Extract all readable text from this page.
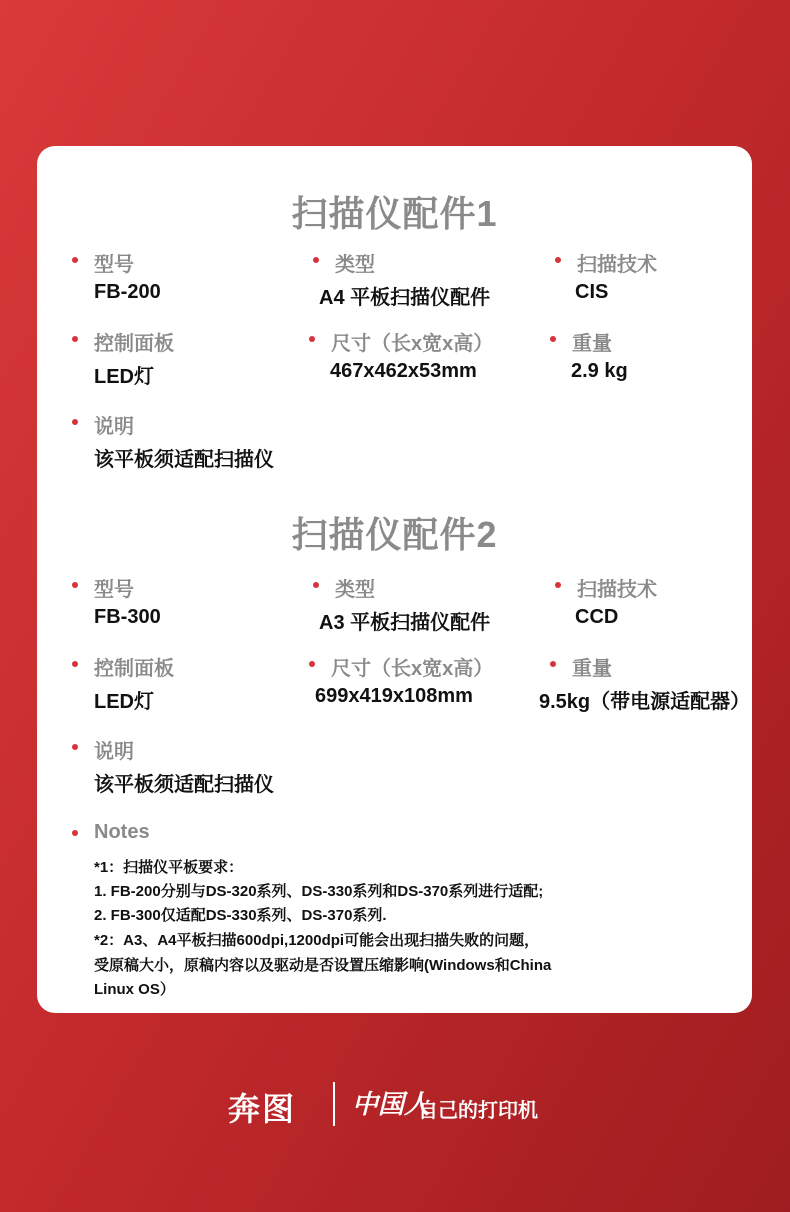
扫描仪配件1
型号
FB-200
类型
A4 平板扫描仪配件
扫描技术
CIS
控制面板
LED灯
尺寸（长x宽x高）
467x462x53mm
重量
2.9 kg
说明
该平板须适配扫描仪
扫描仪配件2
型号
FB-300
类型
A3 平板扫描仪配件
扫描技术
CCD
控制面板
LED灯
尺寸（长x宽x高）
699x419x108mm
重量
9.5kg（带电源适配器）
说明
该平板须适配扫描仪
Notes
*1：扫描仪平板要求：
1. FB-200分别与DS-320系列、DS-330系列和DS-370系列进行适配;
2. FB-300仅适配DS-330系列、DS-370系列.
*2：A3、A4平板扫描600dpi,1200dpi可能会出现扫描失败的问题，
受原稿大小，原稿内容以及驱动是否设置压缩影响(Windows和China
Linux OS）
奔图 中国人
自己的打印机
